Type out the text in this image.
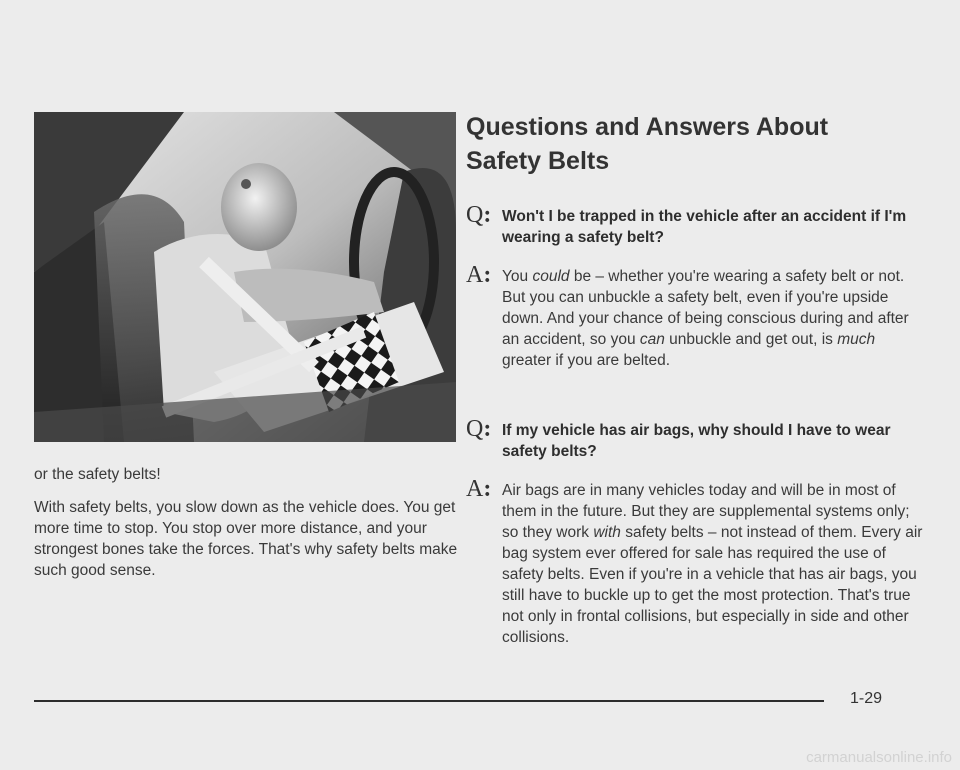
or the safety belts!

With safety belts, you slow down as the vehicle does. You get more time to stop. You stop over more distance, and your strongest bones take the forces. That's why safety belts make such good sense.

Questions and Answers About
Safety Belts
Q: Won't I be trapped in the vehicle after an accident if I'm wearing a safety belt?
A: You could be – whether you're wearing a safety belt or not. But you can unbuckle a safety belt, even if you're upside down. And your chance of being conscious during and after an accident, so you can unbuckle and get out, is much greater if you are belted.
Q: If my vehicle has air bags, why should I have to wear safety belts?
A: Air bags are in many vehicles today and will be in most of them in the future. But they are supplemental systems only; so they work with safety belts – not instead of them. Every air bag system ever offered for sale has required the use of safety belts. Even if you're in a vehicle that has air bags, you still have to buckle up to get the most protection. That's true not only in frontal collisions, but especially in side and other collisions.
1-29
carmanualsonline.info
